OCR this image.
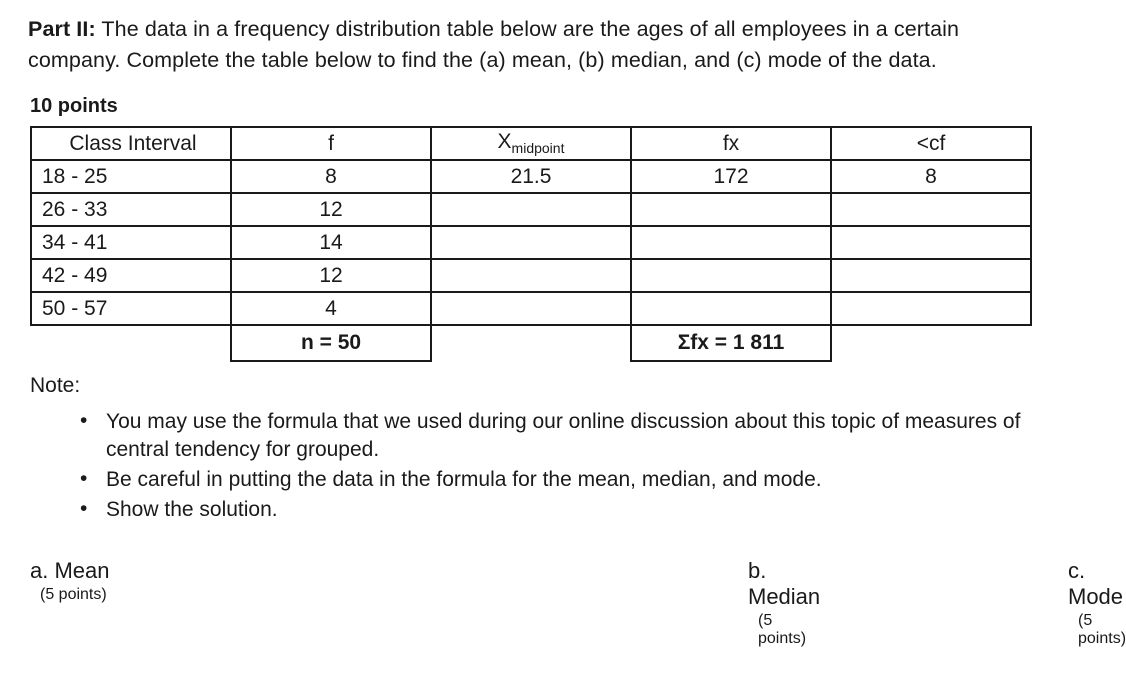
Part II: The data in a frequency distribution table below are the ages of all employees in a certain company. Complete the table below to find the (a) mean, (b) median, and (c) mode of the data.

10 points
Class Interval	f	$X_{midpoint}$	fx	<cf
18 - 25	8	21.5	172	8
26 - 33	12			
34 - 41	14			
42 - 49	12			
50 - 57	4			
	n = 50		Σfx = 1 811	
Note:
• You may use the formula that we used during our online discussion about this topic of measures of central tendency for grouped.
• Be careful in putting the data in the formula for the mean, median, and mode.
• Show the solution.
a. Mean
(5 points)
b. Median
(5 points)
c. Mode
(5 points)
